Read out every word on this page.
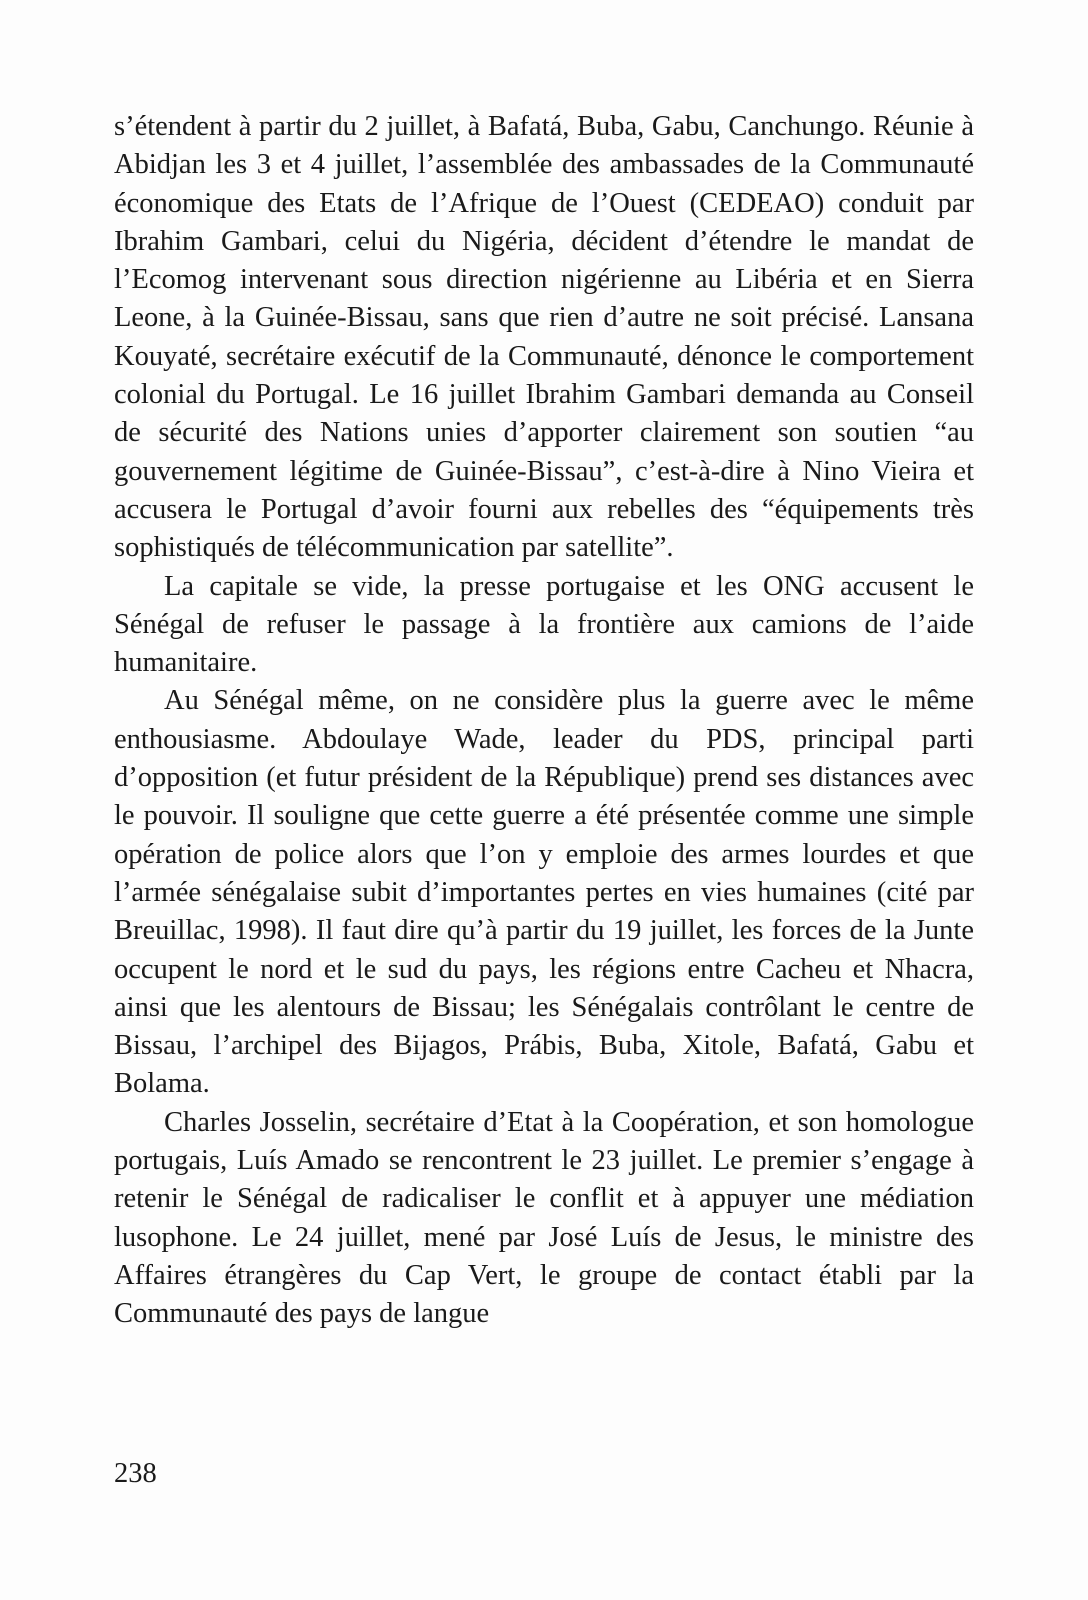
s’étendent à partir du 2 juillet, à Bafatá, Buba, Gabu, Canchungo. Réunie à Abidjan les 3 et 4 juillet, l’assemblée des ambassades de la Communauté économique des Etats de l’Afrique de l’Ouest (CEDEAO) conduit par Ibrahim Gambari, celui du Nigéria, décident d’étendre le mandat de l’Ecomog intervenant sous direction nigérienne au Libéria et en Sierra Leone, à la Guinée-Bissau, sans que rien d’autre ne soit précisé. Lansana Kouyaté, secrétaire exécutif de la Communauté, dénonce le comportement colonial du Portugal. Le 16 juillet Ibrahim Gambari demanda au Conseil de sécurité des Nations unies d’apporter clairement son soutien “au gouvernement légitime de Guinée-Bissau”, c’est-à-dire à Nino Vieira et accusera le Portugal d’avoir fourni aux rebelles des “équipements très sophistiqués de télécommunication par satellite”.

La capitale se vide, la presse portugaise et les ONG accusent le Sénégal de refuser le passage à la frontière aux camions de l’aide humanitaire.

Au Sénégal même, on ne considère plus la guerre avec le même enthousiasme. Abdoulaye Wade, leader du PDS, principal parti d’opposition (et futur président de la République) prend ses distances avec le pouvoir. Il souligne que cette guerre a été présentée comme une simple opération de police alors que l’on y emploie des armes lourdes et que l’armée sénégalaise subit d’importantes pertes en vies humaines (cité par Breuillac, 1998). Il faut dire qu’à partir du 19 juillet, les forces de la Junte occupent le nord et le sud du pays, les régions entre Cacheu et Nhacra, ainsi que les alentours de Bissau; les Sénégalais contrôlant le centre de Bissau, l’archipel des Bijagos, Prábis, Buba, Xitole, Bafatá, Gabu et Bolama.

Charles Josselin, secrétaire d’Etat à la Coopération, et son homologue portugais, Luís Amado se rencontrent le 23 juillet. Le premier s’engage à retenir le Sénégal de radicaliser le conflit et à appuyer une médiation lusophone. Le 24 juillet, mené par José Luís de Jesus, le ministre des Affaires étrangères du Cap Vert, le groupe de contact établi par la Communauté des pays de langue

238
